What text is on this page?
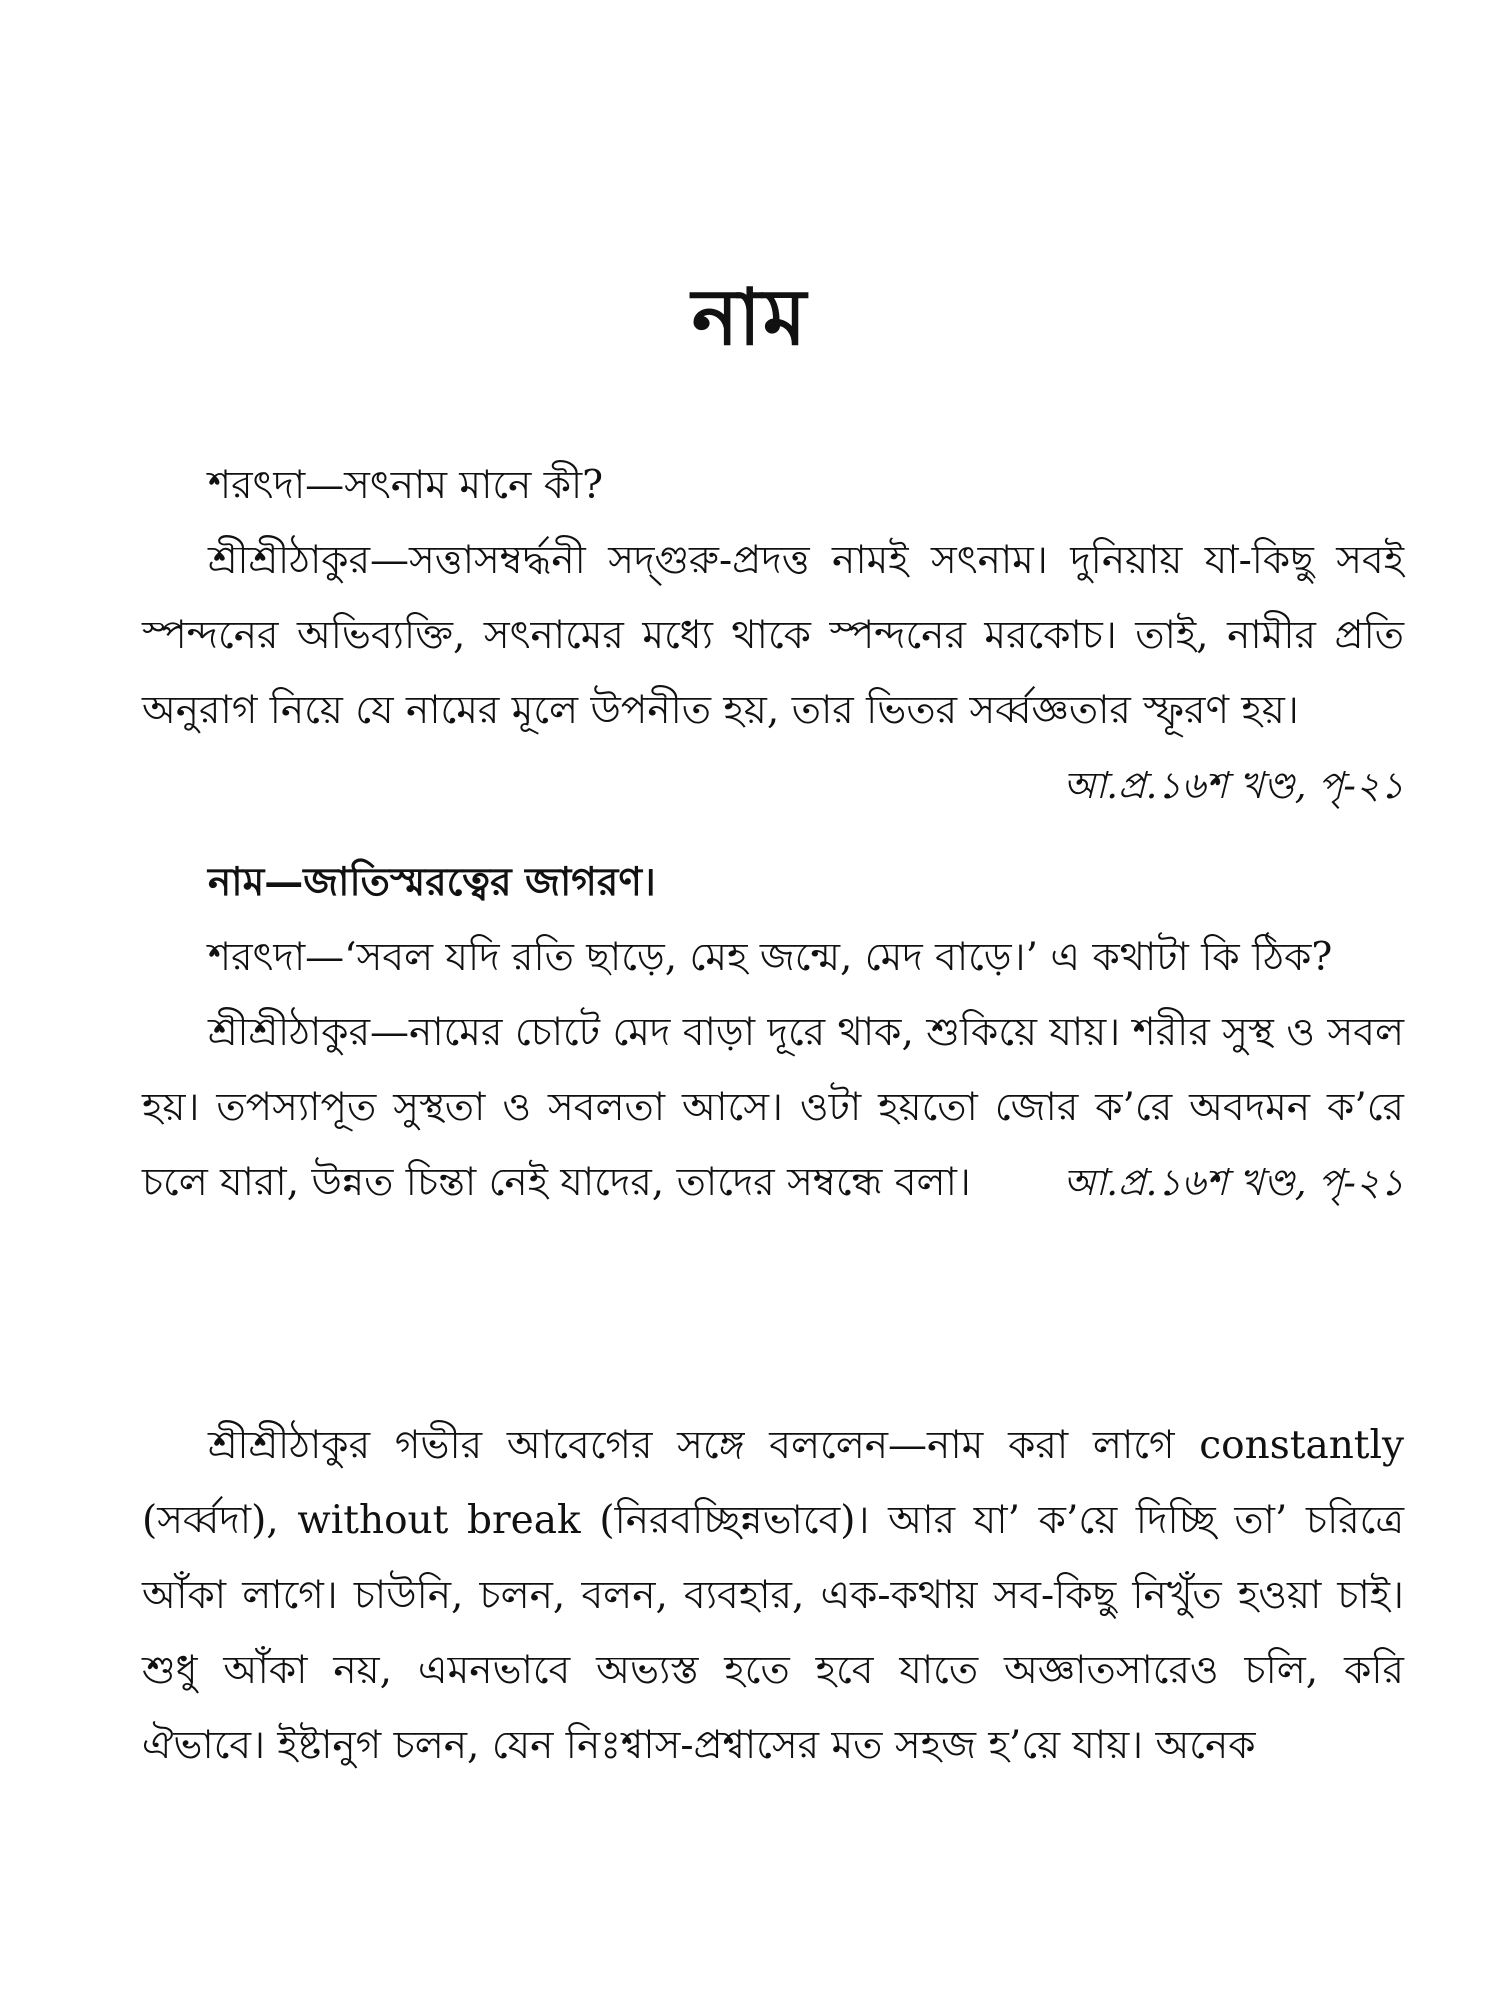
নাম

শরৎদা—সৎনাম মানে কী?

শ্রীশ্রীঠাকুর—সত্তাসম্বর্দ্ধনী সদ্‌গুরু-প্রদত্ত নামই সৎনাম। দুনিয়ায় যা-কিছু সবই স্পন্দনের অভিব্যক্তি, সৎনামের মধ্যে থাকে স্পন্দনের মরকোচ। তাই, নামীর প্রতি অনুরাগ নিয়ে যে নামের মূলে উপনীত হয়, তার ভিতর সর্ব্বজ্ঞতার স্ফূরণ হয়।
আ.প্র.১৬শ খণ্ড, পৃ-২১

নাম—জাতিস্মরত্বের জাগরণ।

শরৎদা—‘সবল যদি রতি ছাড়ে, মেহ জন্মে, মেদ বাড়ে।’ এ কথাটা কি ঠিক?

শ্রীশ্রীঠাকুর—নামের চোটে মেদ বাড়া দূরে থাক, শুকিয়ে যায়। শরীর সুস্থ ও সবল হয়। তপস্যাপূত সুস্থতা ও সবলতা আসে। ওটা হয়তো জোর ক’রে অবদমন ক’রে চলে যারা, উন্নত চিন্তা নেই যাদের, তাদের সম্বন্ধে বলা। আ.প্র.১৬শ খণ্ড, পৃ-২১

শ্রীশ্রীঠাকুর গভীর আবেগের সঙ্গে বললেন—নাম করা লাগে constantly (সর্ব্বদা), without break (নিরবচ্ছিন্নভাবে)। আর যা’ ক’য়ে দিচ্ছি তা’ চরিত্রে আঁকা লাগে। চাউনি, চলন, বলন, ব্যবহার, এক-কথায় সব-কিছু নিখুঁত হওয়া চাই। শুধু আঁকা নয়, এমনভাবে অভ্যস্ত হতে হবে যাতে অজ্ঞাতসারেও চলি, করি ঐভাবে। ইষ্টানুগ চলন, যেন নিঃশ্বাস-প্রশ্বাসের মত সহজ হ’য়ে যায়। অনেক
